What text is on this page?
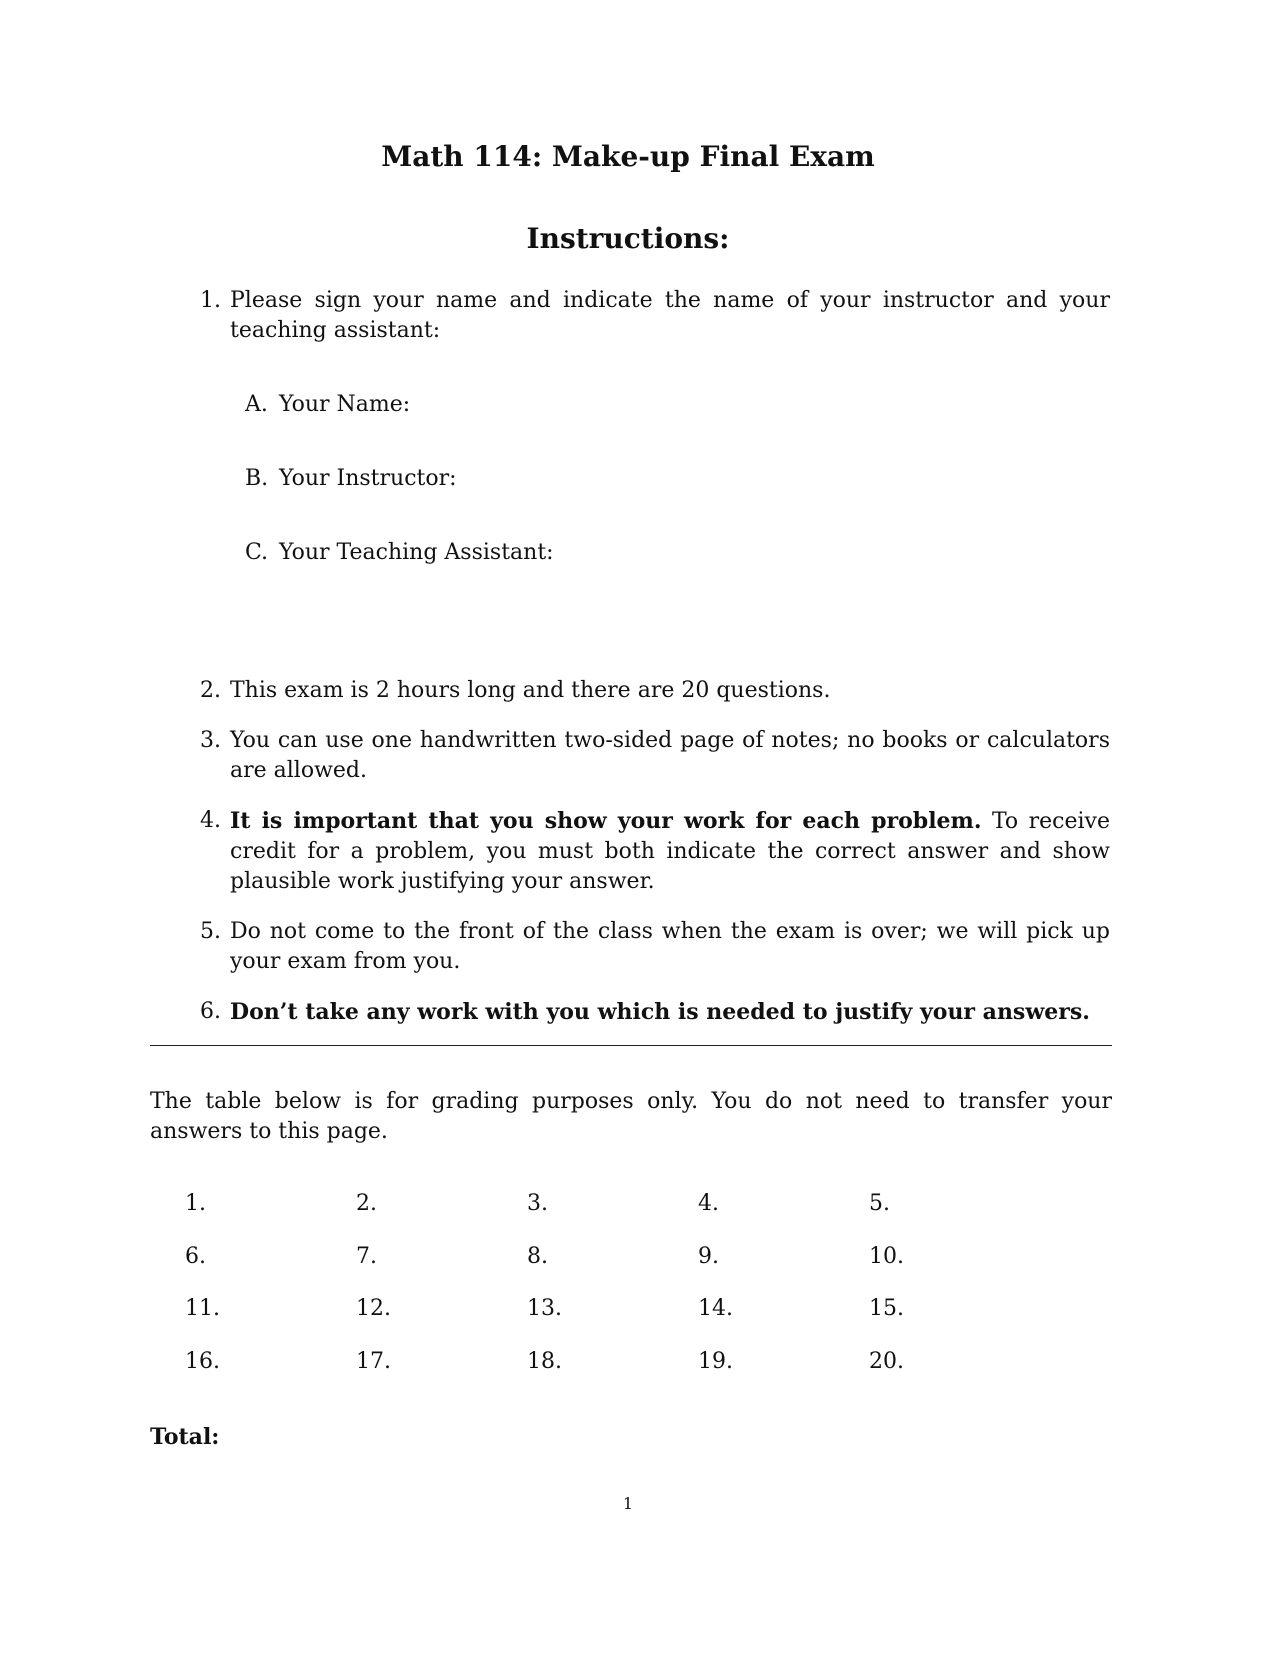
Math 114: Make-up Final Exam
Instructions:
1. Please sign your name and indicate the name of your instructor and your teaching assistant:
A. Your Name:
B. Your Instructor:
C. Your Teaching Assistant:
2. This exam is 2 hours long and there are 20 questions.
3. You can use one handwritten two-sided page of notes; no books or calculators are allowed.
4. It is important that you show your work for each problem. To receive credit for a problem, you must both indicate the correct answer and show plausible work justifying your answer.
5. Do not come to the front of the class when the exam is over; we will pick up your exam from you.
6. Don’t take any work with you which is needed to justify your answers.
The table below is for grading purposes only. You do not need to transfer your answers to this page.
1.	2.	3.	4.	5.
6.	7.	8.	9.	10.
11.	12.	13.	14.	15.
16.	17.	18.	19.	20.
Total:
1
